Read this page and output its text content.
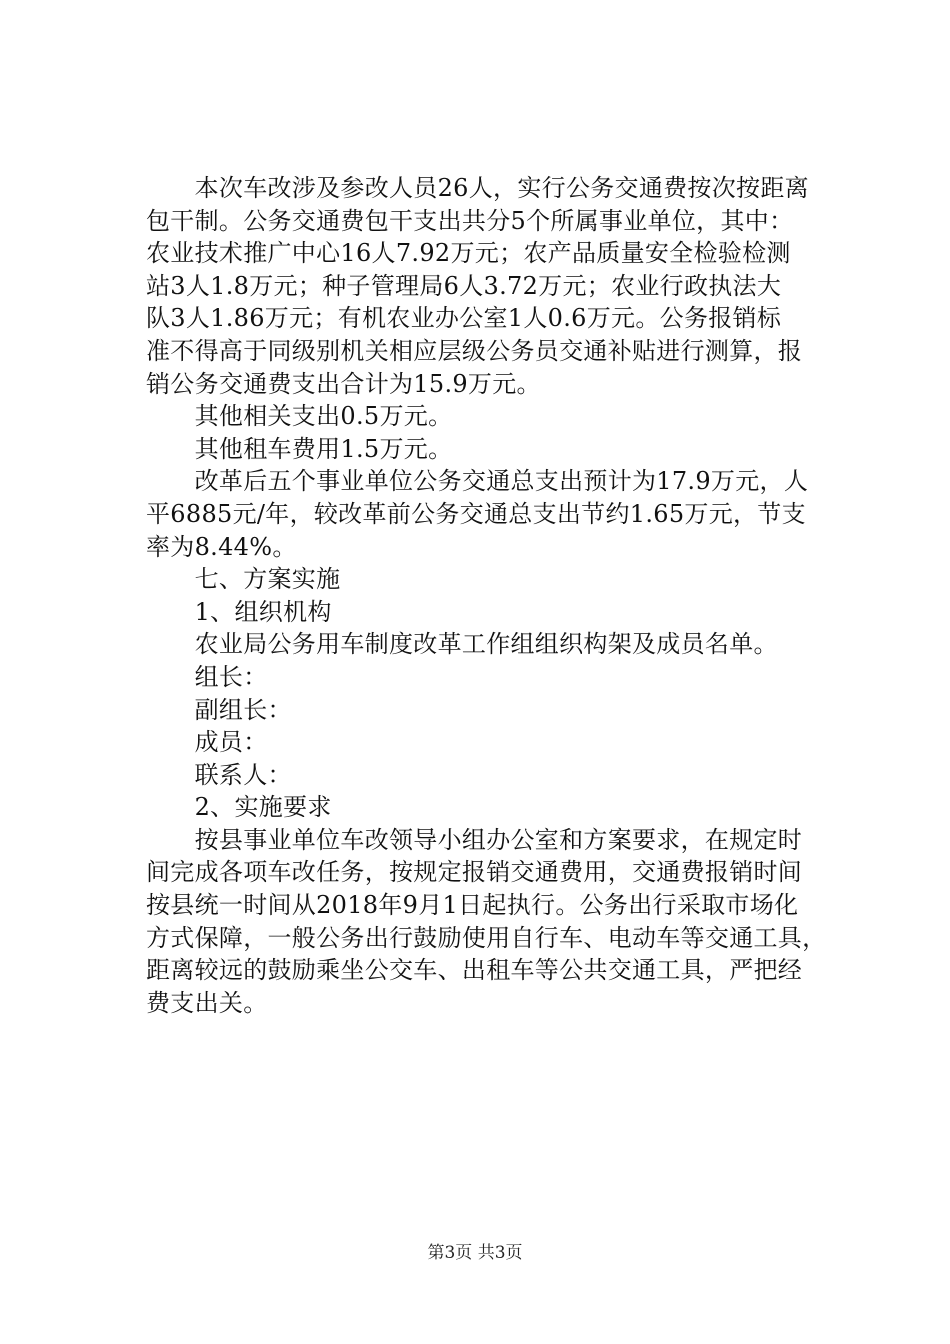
　　本次车改涉及参改人员26人，实行公务交通费按次按距离
包干制。公务交通费包干支出共分5个所属事业单位，其中：
农业技术推广中心16人7.92万元；农产品质量安全检验检测
站3人1.8万元；种子管理局6人3.72万元；农业行政执法大
队3人1.86万元；有机农业办公室1人0.6万元。公务报销标
准不得高于同级别机关相应层级公务员交通补贴进行测算，报
销公务交通费支出合计为15.9万元。
　　其他相关支出0.5万元。
　　其他租车费用1.5万元。
　　改革后五个事业单位公务交通总支出预计为17.9万元，人
平6885元/年，较改革前公务交通总支出节约1.65万元，节支
率为8.44%。
　　七、方案实施
　　1、组织机构
　　农业局公务用车制度改革工作组组织构架及成员名单。
　　组长：
　　副组长：
　　成员：
　　联系人：
　　2、实施要求
　　按县事业单位车改领导小组办公室和方案要求，在规定时
间完成各项车改任务，按规定报销交通费用，交通费报销时间
按县统一时间从2018年9月1日起执行。公务出行采取市场化
方式保障，一般公务出行鼓励使用自行车、电动车等交通工具，
距离较远的鼓励乘坐公交车、出租车等公共交通工具，严把经
费支出关。
第3页 共3页
